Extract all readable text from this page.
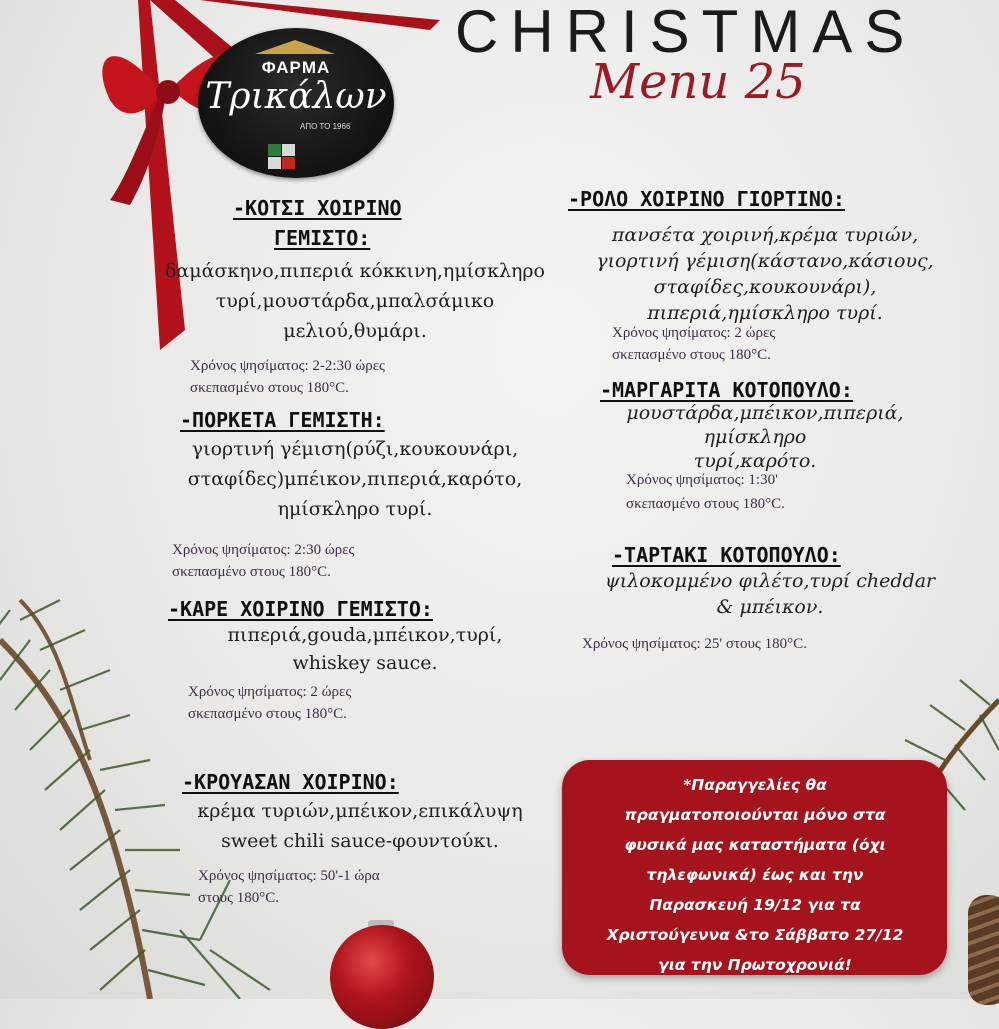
ΦΑΡΜΑ
Τρικάλων
ΑΠΟ ΤΟ 1966
CHRISTMAS
Menu 25
-ΚΟΤΣΙ ΧΟΙΡΙΝΟ
ΓΕΜΙΣΤΟ:
δαμάσκηνο,πιπεριά κόκκινη,ημίσκληρο
τυρί,μουστάρδα,μπαλσάμικο
μελιού,θυμάρι.
Χρόνος ψησίματος: 2-2:30 ώρες
σκεπασμένο στους 180°C.
-ΠΟΡΚΕΤΑ ΓΕΜΙΣΤΗ:
γιορτινή γέμιση(ρύζι,κουκουνάρι,
σταφίδες)μπέικον,πιπεριά,καρότο,
ημίσκληρο τυρί.
Χρόνος ψησίματος: 2:30 ώρες
σκεπασμένο στους 180°C.
-ΚΑΡΕ ΧΟΙΡΙΝΟ ΓΕΜΙΣΤΟ:
πιπεριά,gouda,μπέικον,τυρί,
whiskey sauce.
Χρόνος ψησίματος: 2 ώρες
σκεπασμένο στους 180°C.
-ΚΡΟΥΑΣΑΝ ΧΟΙΡΙΝΟ:
κρέμα τυριών,μπέικον,επικάλυψη
sweet chili sauce-φουντούκι.
Χρόνος ψησίματος: 50'-1 ώρα
στους 180°C.
-ΡΟΛΟ ΧΟΙΡΙΝΟ ΓΙΟΡΤΙΝΟ:
πανσέτα χοιρινή,κρέμα τυριών,
γιορτινή γέμιση(κάστανο,κάσιους,
σταφίδες,κουκουνάρι),
πιπεριά,ημίσκληρο τυρί.
Χρόνος ψησίματος: 2 ώρες
σκεπασμένο στους 180°C.
-ΜΑΡΓΑΡΙΤΑ ΚΟΤΟΠΟΥΛΟ:
μουστάρδα,μπέικον,πιπεριά,
ημίσκληρο
τυρί,καρότο.
Χρόνος ψησίματος: 1:30'
σκεπασμένο στους 180°C.
-ΤΑΡΤΑΚΙ ΚΟΤΟΠΟΥΛΟ:
ψιλοκομμένο φιλέτο,τυρί cheddar
& μπέικον.
Χρόνος ψησίματος: 25' στους 180°C.
*Παραγγελίες θα
πραγματοποιούνται μόνο στα
φυσικά μας καταστήματα (όχι
τηλεφωνικά) έως και την
Παρασκευή 19/12 για τα
Χριστούγεννα &το Σάββατο 27/12
για την Πρωτοχρονιά!
